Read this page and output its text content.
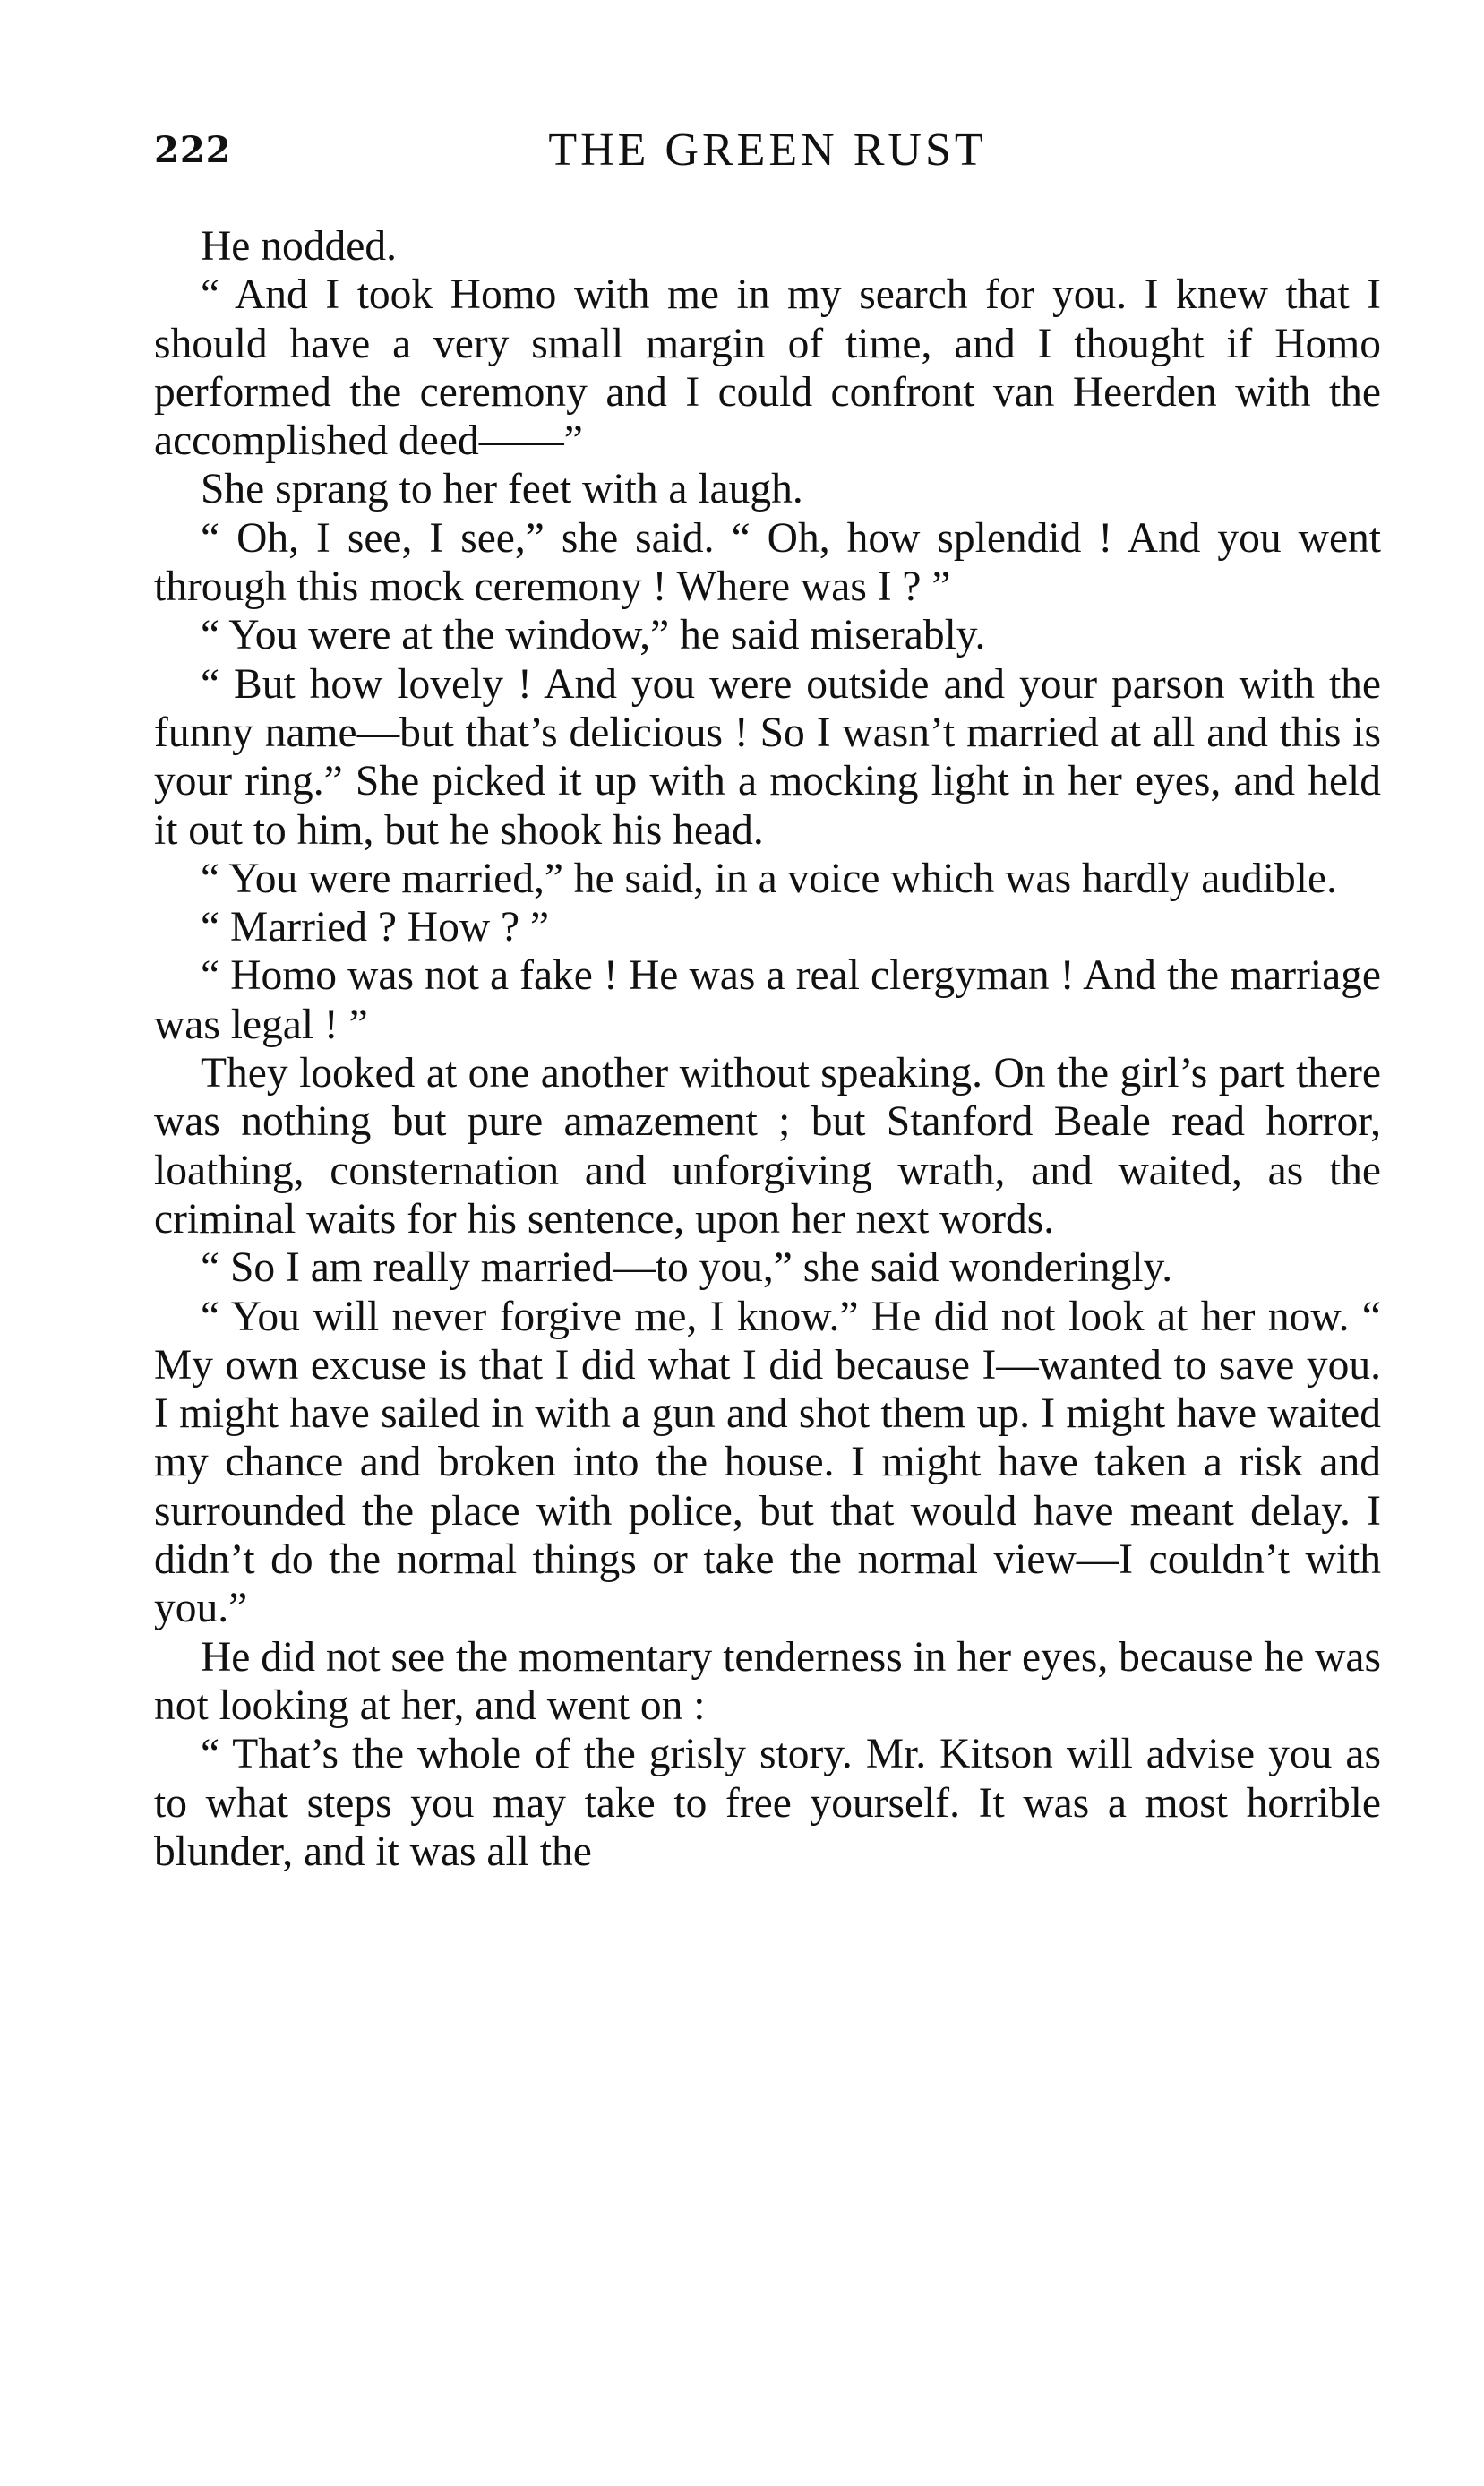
222	THE GREEN RUST

He nodded.

“ And I took Homo with me in my search for you. I knew that I should have a very small margin of time, and I thought if Homo performed the ceremony and I could confront van Heerden with the accomplished deed——”

She sprang to her feet with a laugh.

“ Oh, I see, I see,” she said. “ Oh, how splendid ! And you went through this mock ceremony ! Where was I ? ”

“ You were at the window,” he said miserably.

“ But how lovely ! And you were outside and your parson with the funny name—but that’s delicious ! So I wasn’t married at all and this is your ring.” She picked it up with a mocking light in her eyes, and held it out to him, but he shook his head.

“ You were married,” he said, in a voice which was hardly audible.

“ Married ? How ? ”

“ Homo was not a fake ! He was a real clergyman ! And the marriage was legal ! ”

They looked at one another without speaking. On the girl’s part there was nothing but pure amazement ; but Stanford Beale read horror, loathing, consternation and unforgiving wrath, and waited, as the criminal waits for his sentence, upon her next words.

“ So I am really married—to you,” she said wonderingly.

“ You will never forgive me, I know.” He did not look at her now. “ My own excuse is that I did what I did because I—wanted to save you. I might have sailed in with a gun and shot them up. I might have waited my chance and broken into the house. I might have taken a risk and surrounded the place with police, but that would have meant delay. I didn’t do the normal things or take the normal view—I couldn’t with you.”

He did not see the momentary tenderness in her eyes, because he was not looking at her, and went on :

“ That’s the whole of the grisly story. Mr. Kitson will advise you as to what steps you may take to free yourself. It was a most horrible blunder, and it was all the
